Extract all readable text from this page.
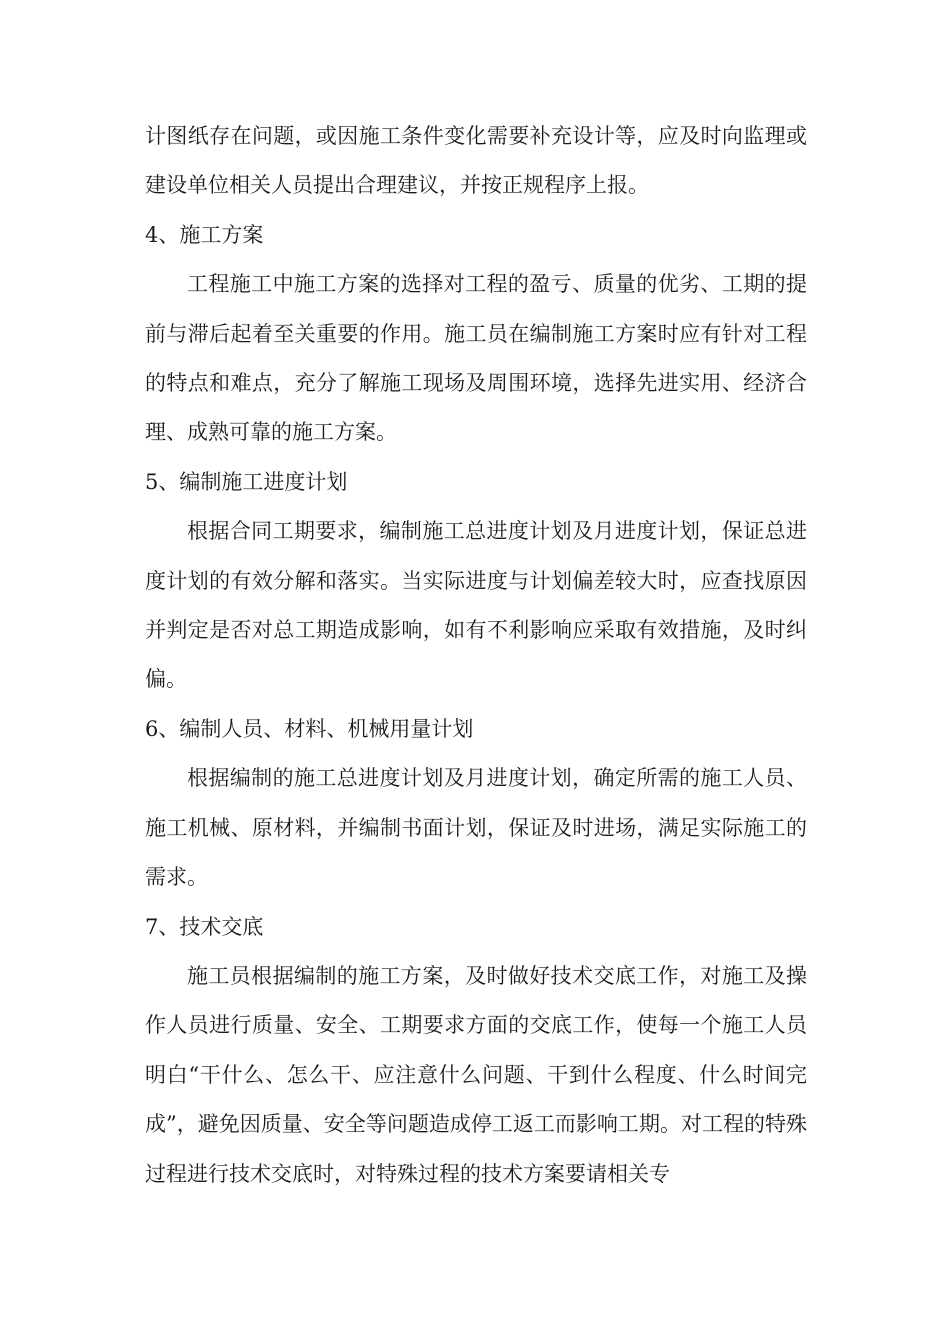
计图纸存在问题，或因施工条件变化需要补充设计等，应及时向监理或建设单位相关人员提出合理建议，并按正规程序上报。

4、施工方案

工程施工中施工方案的选择对工程的盈亏、质量的优劣、工期的提前与滞后起着至关重要的作用。施工员在编制施工方案时应有针对工程的特点和难点，充分了解施工现场及周围环境，选择先进实用、经济合理、成熟可靠的施工方案。

5、编制施工进度计划

根据合同工期要求，编制施工总进度计划及月进度计划，保证总进度计划的有效分解和落实。当实际进度与计划偏差较大时，应查找原因并判定是否对总工期造成影响，如有不利影响应采取有效措施，及时纠偏。

6、编制人员、材料、机械用量计划

根据编制的施工总进度计划及月进度计划，确定所需的施工人员、施工机械、原材料，并编制书面计划，保证及时进场，满足实际施工的需求。

7、技术交底

施工员根据编制的施工方案，及时做好技术交底工作，对施工及操作人员进行质量、安全、工期要求方面的交底工作，使每一个施工人员明白“干什么、怎么干、应注意什么问题、干到什么程度、什么时间完成”，避免因质量、安全等问题造成停工返工而影响工期。对工程的特殊过程进行技术交底时，对特殊过程的技术方案要请相关专
